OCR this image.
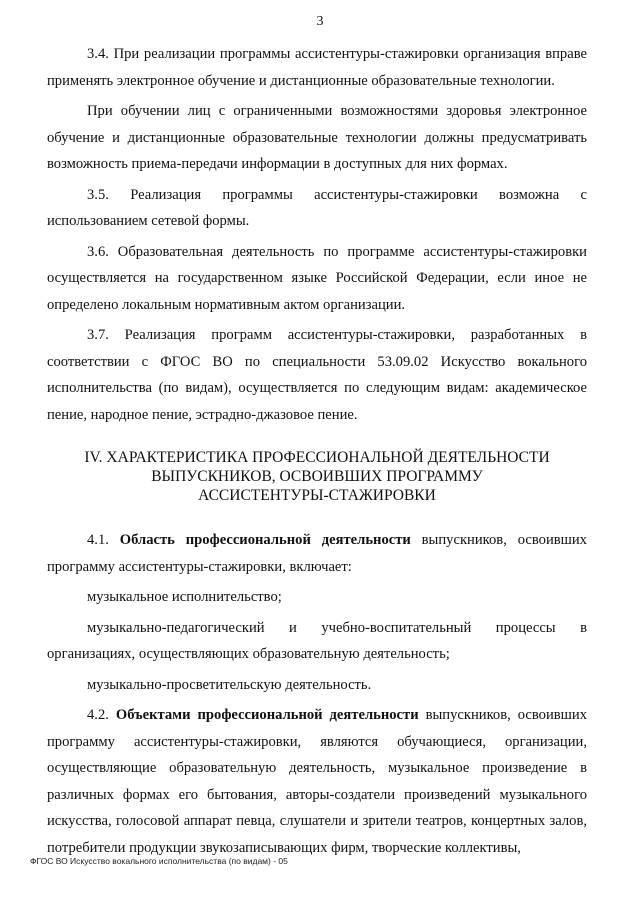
3

3.4. При реализации программы ассистентуры-стажировки организация вправе применять электронное обучение и дистанционные образовательные технологии.

При обучении лиц с ограниченными возможностями здоровья электронное обучение и дистанционные образовательные технологии должны предусматривать возможность приема-передачи информации в доступных для них формах.

3.5. Реализация программы ассистентуры-стажировки возможна с использованием сетевой формы.

3.6. Образовательная деятельность по программе ассистентуры-стажировки осуществляется на государственном языке Российской Федерации, если иное не определено локальным нормативным актом организации.

3.7. Реализация программ ассистентуры-стажировки, разработанных в соответствии с ФГОС ВО по специальности 53.09.02 Искусство вокального исполнительства (по видам), осуществляется по следующим видам: академическое пение, народное пение, эстрадно-джазовое пение.

IV. ХАРАКТЕРИСТИКА ПРОФЕССИОНАЛЬНОЙ ДЕЯТЕЛЬНОСТИ
ВЫПУСКНИКОВ, ОСВОИВШИХ ПРОГРАММУ
АССИСТЕНТУРЫ-СТАЖИРОВКИ

4.1. Область профессиональной деятельности выпускников, освоивших программу ассистентуры-стажировки, включает:

музыкальное исполнительство;

музыкально-педагогический и учебно-воспитательный процессы в организациях, осуществляющих образовательную деятельность;

музыкально-просветительскую деятельность.

4.2. Объектами профессиональной деятельности выпускников, освоивших программу ассистентуры-стажировки, являются обучающиеся, организации, осуществляющие образовательную деятельность, музыкальное произведение в различных формах его бытования, авторы-создатели произведений музыкального искусства, голосовой аппарат певца, слушатели и зрители театров, концертных залов, потребители продукции звукозаписывающих фирм, творческие коллективы,

ФГОС ВО Искусство вокального исполнительства (по видам) - 05
